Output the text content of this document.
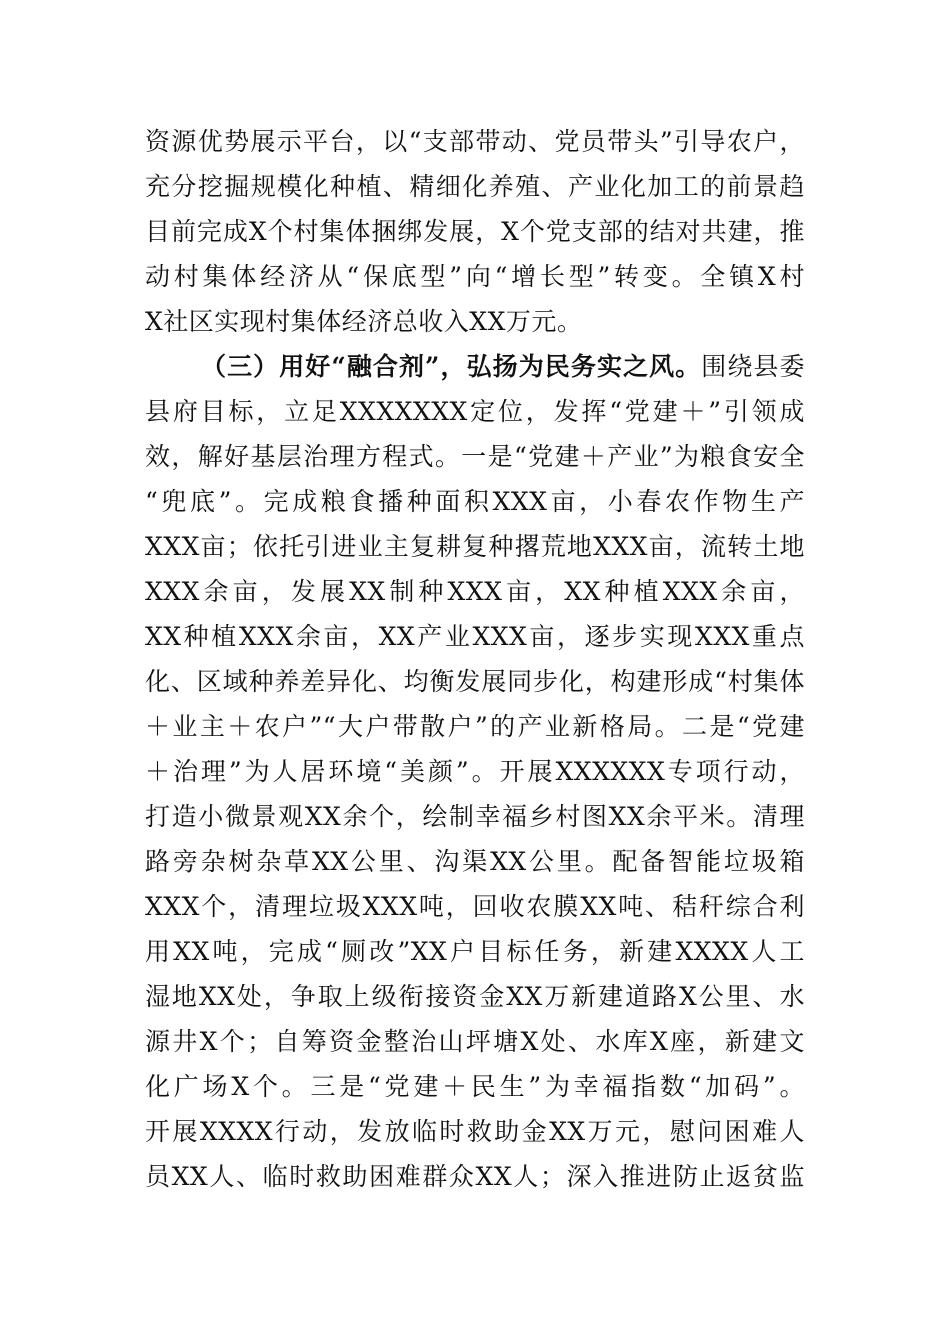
资源优势展示平台，以“支部带动、党员带头”引导农户，
充分挖掘规模化种植、精细化养殖、产业化加工的前景趋
目前完成X个村集体捆绑发展，X个党支部的结对共建，推
动村集体经济从“保底型”向“增长型”转变。全镇X村
X社区实现村集体经济总收入XX万元。
（三）用好“融合剂”，弘扬为民务实之风。围绕县委
县府目标，立足XXXXXXX定位，发挥“党建＋”引领成
效，解好基层治理方程式。一是“党建＋产业”为粮食安全
“兜底”。完成粮食播种面积XXX亩，小春农作物生产
XXX亩；依托引进业主复耕复种撂荒地XXX亩，流转土地
XXX余亩，发展XX制种XXX亩，XX种植XXX余亩，
XX种植XXX余亩，XX产业XXX亩，逐步实现XXX重点
化、区域种养差异化、均衡发展同步化，构建形成“村集体
＋业主＋农户”“大户带散户”的产业新格局。二是“党建
＋治理”为人居环境“美颜”。开展XXXXXX专项行动，
打造小微景观XX余个，绘制幸福乡村图XX余平米。清理
路旁杂树杂草XX公里、沟渠XX公里。配备智能垃圾箱
XXX个，清理垃圾XXX吨，回收农膜XX吨、秸秆综合利
用XX吨，完成“厕改”XX户目标任务，新建XXXX人工
湿地XX处，争取上级衔接资金XX万新建道路X公里、水
源井X个；自筹资金整治山坪塘X处、水库X座，新建文
化广场X个。三是“党建＋民生”为幸福指数“加码”。
开展XXXX行动，发放临时救助金XX万元，慰问困难人
员XX人、临时救助困难群众XX人；深入推进防止返贫监
